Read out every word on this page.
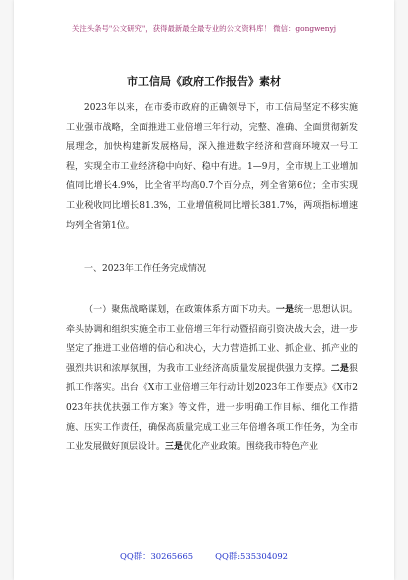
关注头条号"公文研究"，获得最新最全最专业的公文资料库！ 微信：gongwenyj
市工信局《政府工作报告》素材

2023年以来，在市委市政府的正确领导下，市工信局坚定不移实施工业强市战略，全面推进工业倍增三年行动，完整、准确、全面贯彻新发展理念，加快构建新发展格局，深入推进数字经济和营商环境双一号工程，实现全市工业经济稳中向好、稳中有进。1—9月，全市规上工业增加值同比增长4.9%，比全省平均高0.7个百分点，列全省第6位；全市实现工业税收同比增长81.3%，工业增值税同比增长381.7%，两项指标增速均列全省第1位。

一、2023年工作任务完成情况

（一）聚焦战略谋划，在政策体系方面下功夫。一是统一思想认识。牵头协调和组织实施全市工业倍增三年行动暨招商引资决战大会，进一步坚定了推进工业倍增的信心和决心，大力营造抓工业、抓企业、抓产业的强烈共识和浓厚氛围，为我市工业经济高质量发展提供强力支撑。二是狠抓工作落实。出台《X市工业倍增三年行动计划2023年工作要点》《X市2023年扶优扶强工作方案》等文件，进一步明确工作目标、细化工作措施、压实工作责任，确保高质量完成工业三年倍增各项工作任务，为全市工业发展做好顶层设计。三是优化产业政策。围绕我市特色产业

QQ群：30265665	QQ群:535304092
